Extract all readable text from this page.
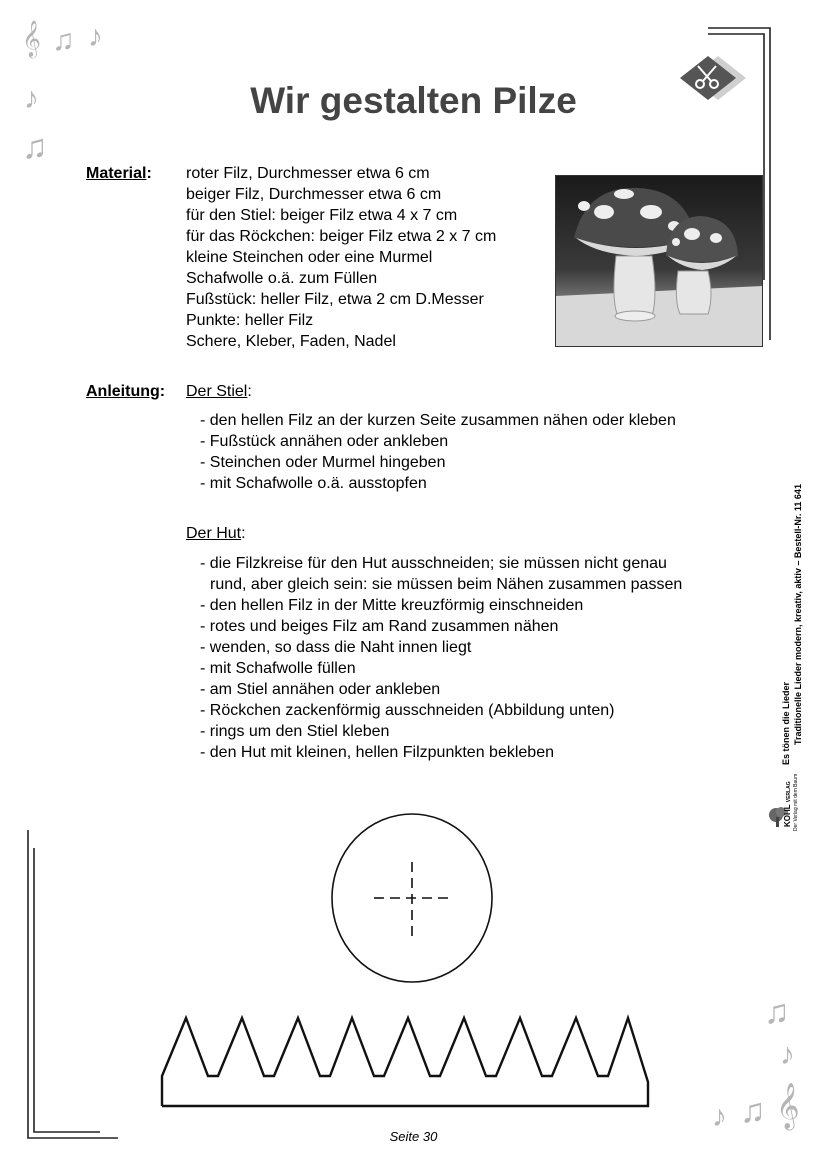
𝄞 ♫ ♪
♪
♫
♫
♪
♪ ♫ 𝄞
Wir gestalten Pilze
Material: roter Filz, Durchmesser etwa 6 cm
beiger Filz, Durchmesser etwa 6 cm
für den Stiel: beiger Filz etwa 4 x 7 cm
für das Röckchen: beiger Filz etwa 2 x 7 cm
kleine Steinchen oder eine Murmel
Schafwolle o.ä. zum Füllen
Fußstück: heller Filz, etwa 2 cm D.Messer
Punkte: heller Filz
Schere, Kleber, Faden, Nadel
Anleitung: Der Stiel:
- den hellen Filz an der kurzen Seite zusammen nähen oder kleben
- Fußstück annähen oder ankleben
- Steinchen oder Murmel hingeben
- mit Schafwolle o.ä. ausstopfen
Der Hut:
- die Filzkreise für den Hut ausschneiden; sie müssen nicht genau
rund, aber gleich sein: sie müssen beim Nähen zusammen passen
- den hellen Filz in der Mitte kreuzförmig einschneiden
- rotes und beiges Filz am Rand zusammen nähen
- wenden, so dass die Naht innen liegt
- mit Schafwolle füllen
- am Stiel annähen oder ankleben
- Röckchen zackenförmig ausschneiden (Abbildung unten)
- rings um den Stiel kleben
- den Hut mit kleinen, hellen Filzpunkten bekleben	Es tönen die Lieder Traditionelle Lieder modern, kreativ, aktiv – Bestell-Nr. 11 641
KOHL VERLAG Der Verlag mit dem Baum
Seite 30
